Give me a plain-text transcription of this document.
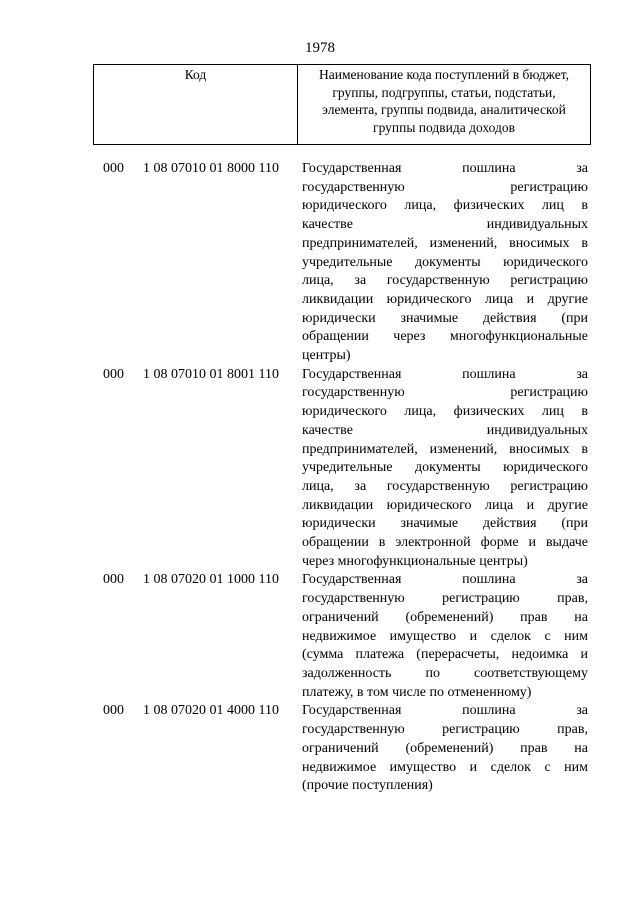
1978
Код	Наименование кода поступлений в бюджет, группы, подгруппы, статьи, подстатьи, элемента, группы подвида, аналитической группы подвида доходов
000 1 08 07010 01 8000 110 Государственная пошлина за
государственную регистрацию
юридического лица, физических лиц в
качестве индивидуальных
предпринимателей, изменений, вносимых в
учредительные документы юридического
лица, за государственную регистрацию
ликвидации юридического лица и другие
юридически значимые действия (при
обращении через многофункциональные
центры)
000 1 08 07010 01 8001 110 Государственная пошлина за
государственную регистрацию
юридического лица, физических лиц в
качестве индивидуальных
предпринимателей, изменений, вносимых в
учредительные документы юридического
лица, за государственную регистрацию
ликвидации юридического лица и другие
юридически значимые действия (при
обращении в электронной форме и выдаче
через многофункциональные центры)
000 1 08 07020 01 1000 110 Государственная пошлина за
государственную регистрацию прав,
ограничений (обременений) прав на
недвижимое имущество и сделок с ним
(сумма платежа (перерасчеты, недоимка и
задолженность по соответствующему
платежу, в том числе по отмененному)
000 1 08 07020 01 4000 110 Государственная пошлина за
государственную регистрацию прав,
ограничений (обременений) прав на
недвижимое имущество и сделок с ним
(прочие поступления)
